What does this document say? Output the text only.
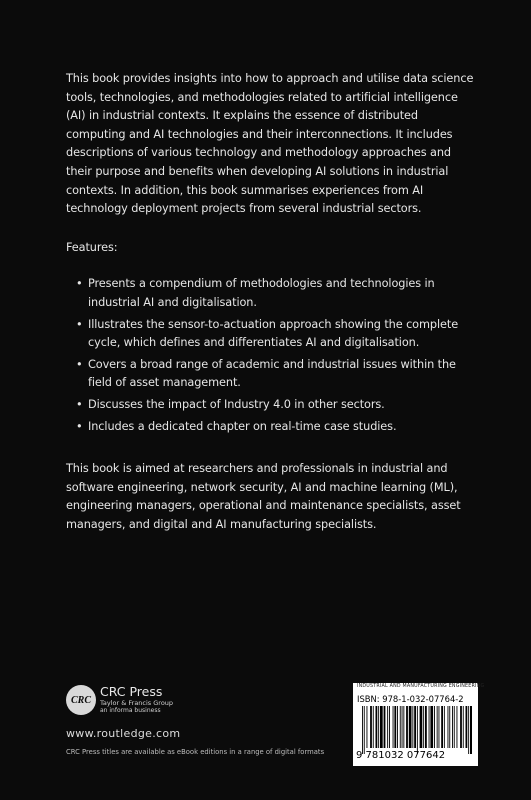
This book provides insights into how to approach and utilise data science tools, technologies, and methodologies related to artificial intelligence (AI) in industrial contexts. It explains the essence of distributed computing and AI technologies and their interconnections. It includes descriptions of various technology and methodology approaches and their purpose and benefits when developing AI solutions in industrial contexts. In addition, this book summarises experiences from AI technology deployment projects from several industrial sectors.

Features:

• Presents a compendium of methodologies and technologies in industrial AI and digitalisation.
• Illustrates the sensor-to-actuation approach showing the complete cycle, which defines and differentiates AI and digitalisation.
• Covers a broad range of academic and industrial issues within the field of asset management.
• Discusses the impact of Industry 4.0 in other sectors.
• Includes a dedicated chapter on real-time case studies.

This book is aimed at researchers and professionals in industrial and software engineering, network security, AI and machine learning (ML), engineering managers, operational and maintenance specialists, asset managers, and digital and AI manufacturing specialists.

CRC
CRC Press
Taylor & Francis Group
an informa business
www.routledge.com
CRC Press titles are available as eBook editions in a range of digital formats
INDUSTRIAL AND MANUFACTURING ENGINEERING
ISBN: 978-1-032-07764-2
9 781032 077642
